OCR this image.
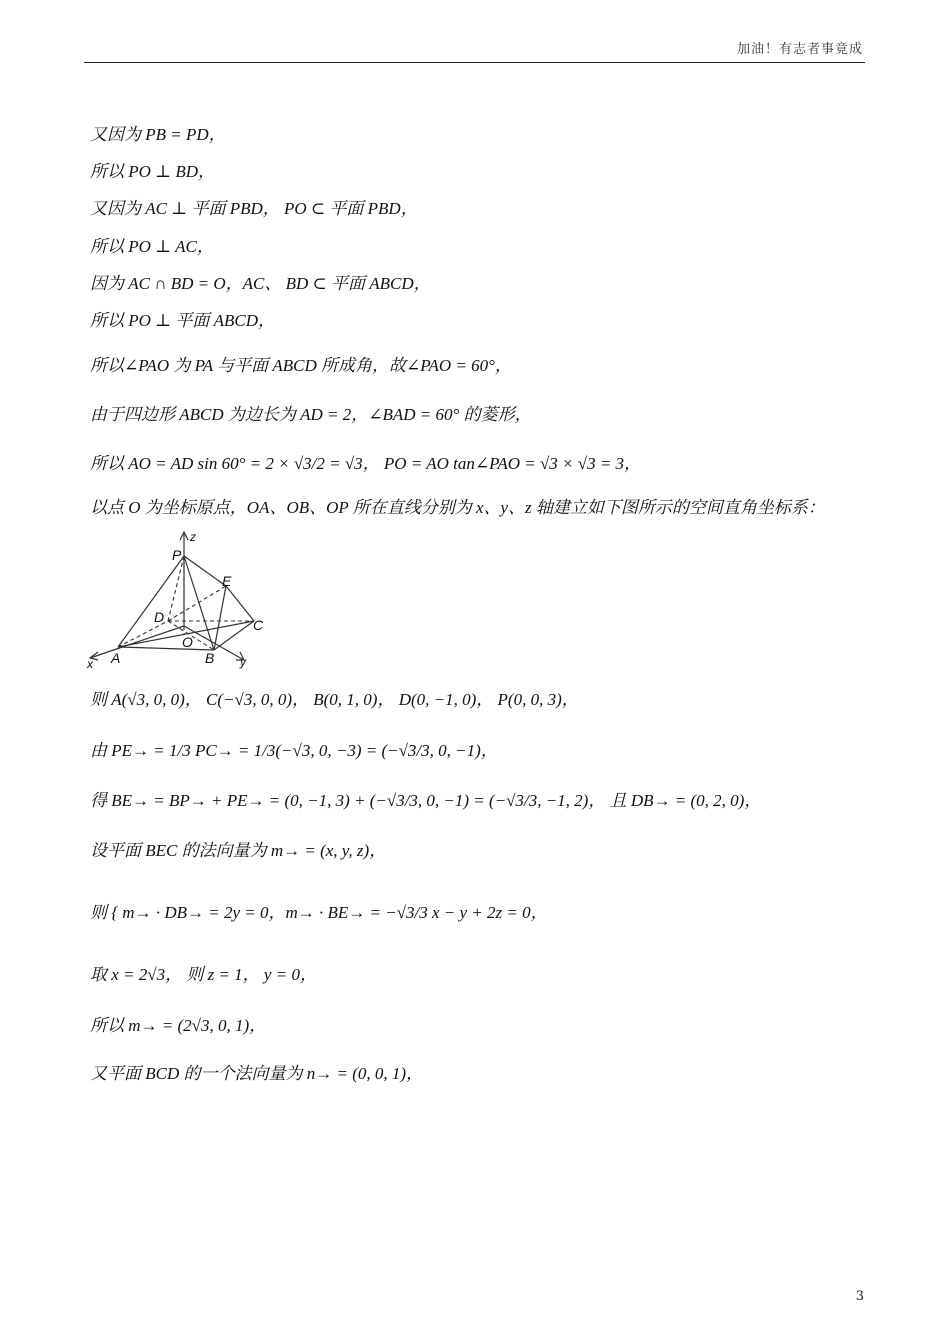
加油！有志者事竟成
又因为 PB = PD，
所以 PO ⊥ BD，
又因为 AC ⊥ 平面 PBD， PO ⊂ 平面 PBD，
所以 PO ⊥ AC，
因为 AC ∩ BD = O，AC、 BD ⊂ 平面 ABCD，
所以 PO ⊥ 平面 ABCD，
所以∠PAO 为 PA 与平面 ABCD 所成角，故∠PAO = 60°，
由于四边形 ABCD 为边长为 AD = 2，∠BAD = 60° 的菱形，
所以 AO = AD sin 60° = 2 × √3/2 = √3， PO = AO tan∠PAO = √3 × √3 = 3，
以点 O 为坐标原点，OA、OB、OP 所在直线分别为 x、y、z 轴建立如下图所示的空间直角坐标系：
P
z
E
D	C
O
A	B
x	y
则 A(√3, 0, 0)， C(−√3, 0, 0)， B(0, 1, 0)， D(0, −1, 0)， P(0, 0, 3)，
由 PE→ = 1/3 PC→ = 1/3(−√3, 0, −3) = (−√3/3, 0, −1)，
得 BE→ = BP→ + PE→ = (0, −1, 3) + (−√3/3, 0, −1) = (−√3/3, −1, 2)， 且 DB→ = (0, 2, 0)，
设平面 BEC 的法向量为 m→ = (x, y, z)，
则 { m→ · DB→ = 2y = 0，m→ · BE→ = −√3/3 x − y + 2z = 0，
取 x = 2√3， 则 z = 1， y = 0，
所以 m→ = (2√3, 0, 1)，
又平面 BCD 的一个法向量为 n→ = (0, 0, 1)，
3
